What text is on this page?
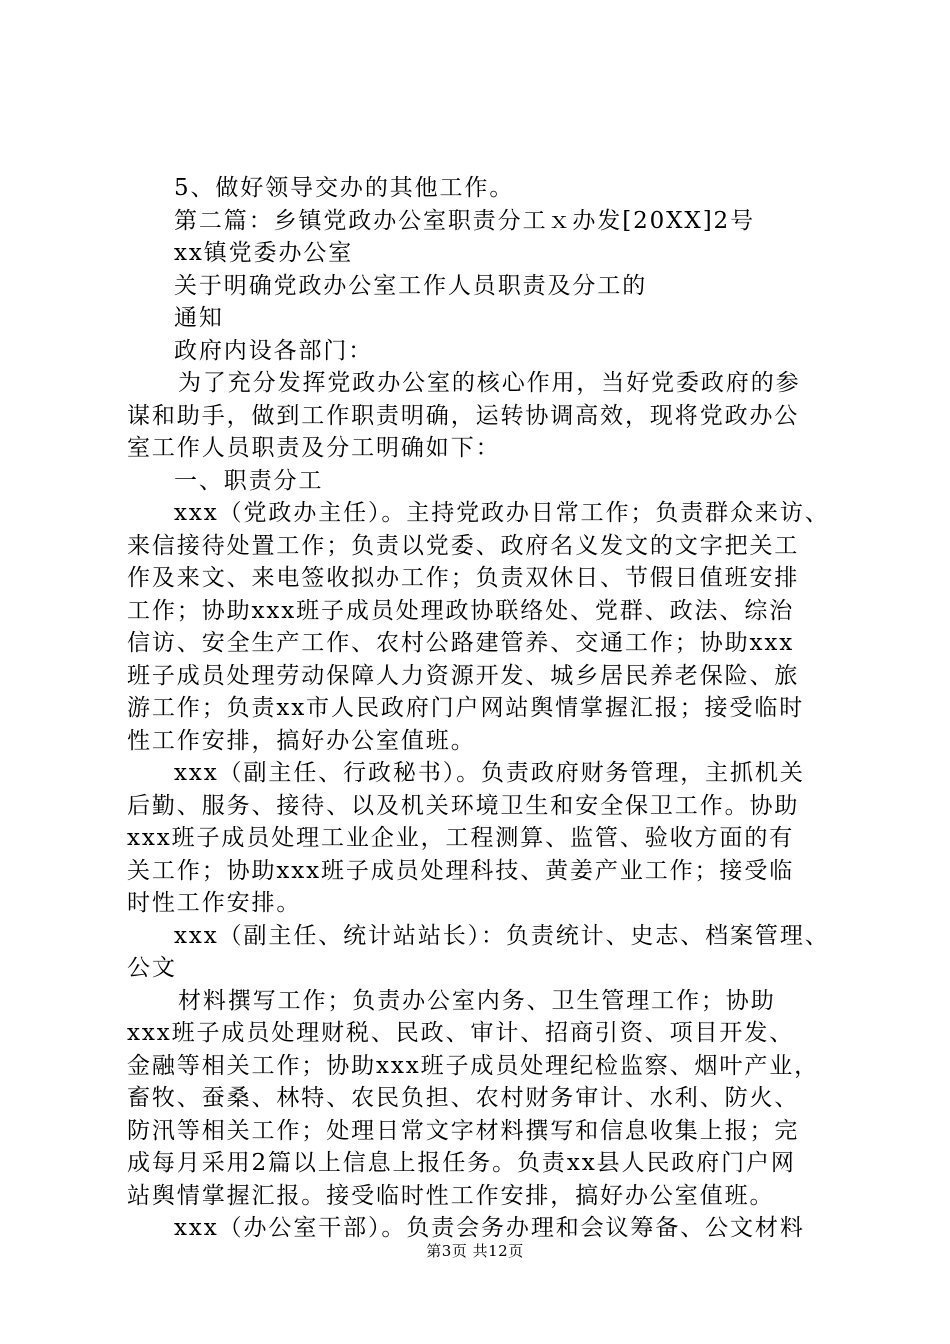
5、做好领导交办的其他工作。
第二篇：乡镇党政办公室职责分工ｘ办发[20XX]2号
xx镇党委办公室
关于明确党政办公室工作人员职责及分工的
通知
政府内设各部门：
为了充分发挥党政办公室的核心作用，当好党委政府的参
谋和助手，做到工作职责明确，运转协调高效，现将党政办公
室工作人员职责及分工明确如下：
一、职责分工
xxx（党政办主任）。主持党政办日常工作；负责群众来访、
来信接待处置工作；负责以党委、政府名义发文的文字把关工
作及来文、来电签收拟办工作；负责双休日、节假日值班安排
工作；协助xxx班子成员处理政协联络处、党群、政法、综治
信访、安全生产工作、农村公路建管养、交通工作；协助xxx
班子成员处理劳动保障人力资源开发、城乡居民养老保险、旅
游工作；负责xx市人民政府门户网站舆情掌握汇报；接受临时
性工作安排，搞好办公室值班。
xxx（副主任、行政秘书）。负责政府财务管理，主抓机关
后勤、服务、接待、以及机关环境卫生和安全保卫工作。协助
xxx班子成员处理工业企业，工程测算、监管、验收方面的有
关工作；协助xxx班子成员处理科技、黄姜产业工作；接受临
时性工作安排。
xxx（副主任、统计站站长）：负责统计、史志、档案管理、
公文
材料撰写工作；负责办公室内务、卫生管理工作；协助
xxx班子成员处理财税、民政、审计、招商引资、项目开发、
金融等相关工作；协助xxx班子成员处理纪检监察、烟叶产业，
畜牧、蚕桑、林特、农民负担、农村财务审计、水利、防火、
防汛等相关工作；处理日常文字材料撰写和信息收集上报；完
成每月采用2篇以上信息上报任务。负责xx县人民政府门户网
站舆情掌握汇报。接受临时性工作安排，搞好办公室值班。
xxx（办公室干部）。负责会务办理和会议筹备、公文材料
第3页 共12页
